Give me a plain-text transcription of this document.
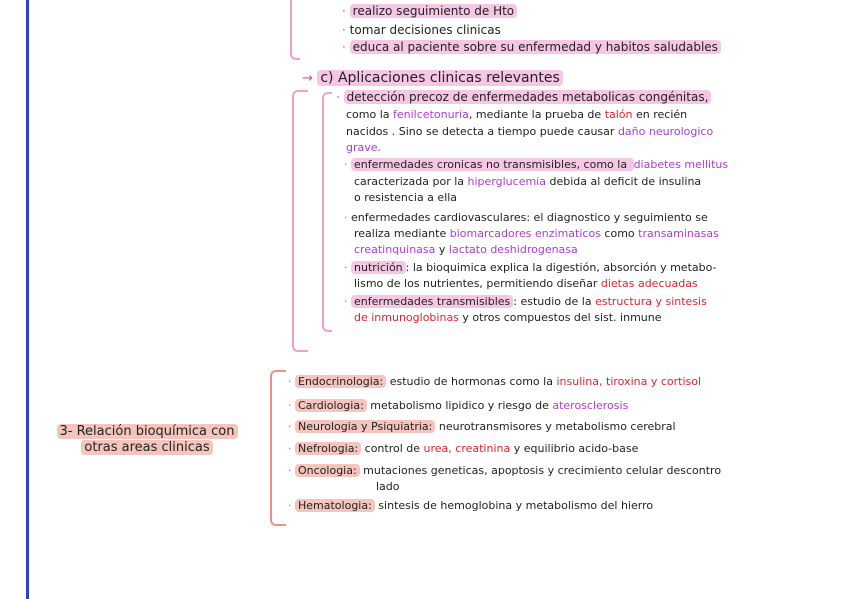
· realizo seguimiento de Hto
· tomar decisiones clinicas
· educa al paciente sobre su enfermedad y habitos saludables
→ c) Aplicaciones clinicas relevantes
· detección precoz de enfermedades metabolicas congénitas,
como la fenilcetonuria, mediante la prueba de talón en recién
nacidos . Sino se detecta a tiempo puede causar daño neurologico
grave.
· enfermedades cronicas no transmisibles, como la diabetes mellitus
caracterizada por la hiperglucemia debida al deficit de insulina
o resistencia a ella
· enfermedades cardiovasculares: el diagnostico y seguimiento se
realiza mediante biomarcadores enzimaticos como transaminasas
creatinquinasa y lactato deshidrogenasa
· nutrición : la bioquimica explica la digestión, absorción y metabo-
lismo de los nutrientes, permitiendo diseñar dietas adecuadas
· enfermedades transmisibles : estudio de la estructura y sintesis
de inmunoglobinas y otros compuestos del sist. inmune
3- Relación bioquímica con
otras areas clinicas
· Endocrinologia: estudio de hormonas como la insulina, tiroxina y cortisol
· Cardiologia: metabolismo lipidico y riesgo de aterosclerosis
· Neurologia y Psiquiatria: neurotransmisores y metabolismo cerebral
· Nefrologia: control de urea, creatinina y equilibrio acido-base
· Oncologia: mutaciones geneticas, apoptosis y crecimiento celular descontro
lado
· Hematologia: sintesis de hemoglobina y metabolismo del hierro
